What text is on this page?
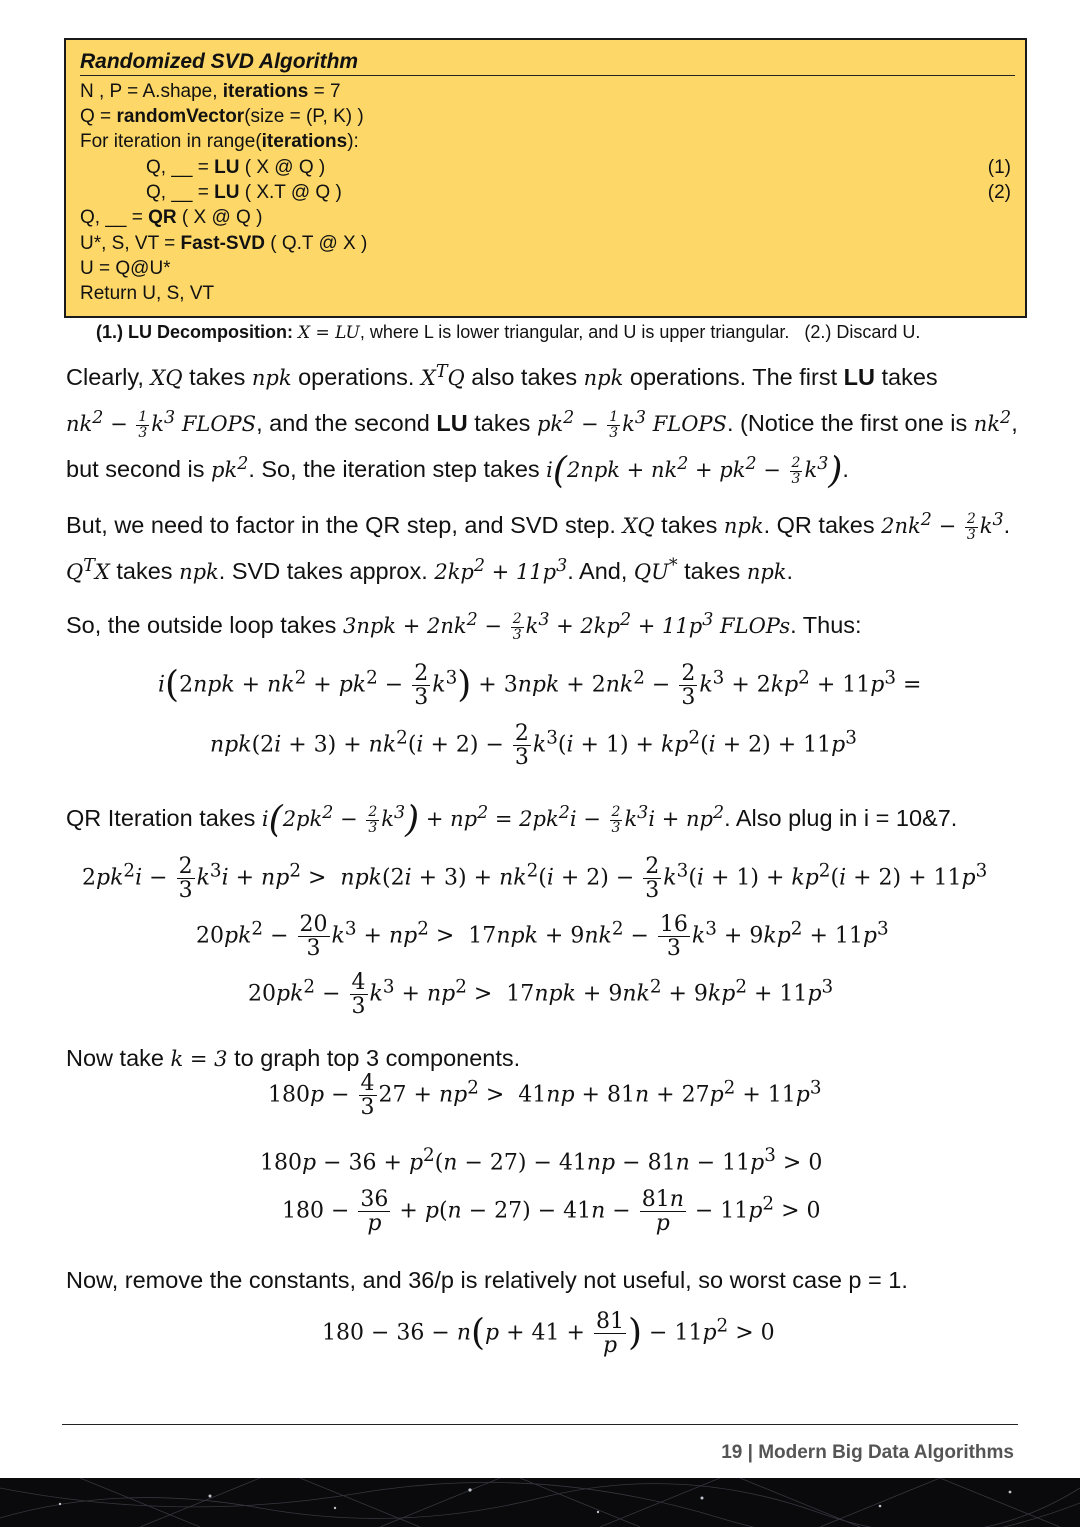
Randomized SVD Algorithm
N , P = A.shape, iterations = 7
Q = randomVector(size = (P, K) )
For iteration in range(iterations):
Q, __ = LU ( X @ Q )	(1)
Q, __ = LU ( X.T @ Q )	(2)
Q, __ = QR ( X @ Q )
U*, S, VT = Fast-SVD ( Q.T @ X )
U = Q@U*
Return U, S, VT
(1.) LU Decomposition: X = LU, where L is lower triangular, and U is upper triangular.   (2.) Discard U.
Clearly, XQ takes npk operations. $X^TQ$ also takes npk operations. The first LU takes $nk^2 - \frac{1}{3} k^3$ FLOPS, and the second LU takes $pk^2 - \frac{1}{3} k^3$ FLOPS. (Notice the first one is $nk^2$, but second is $pk^2$. So, the iteration step takes $i(2npk + nk^2 + pk^2 - \frac{2}{3} k^3)$.
But, we need to factor in the QR step, and SVD step. XQ takes npk. QR takes $2nk^2 - \frac{2}{3} k^3$. $Q^TX$ takes npk. SVD takes approx. $2kp^2 + 11p^3$. And, QU* takes npk.
So, the outside loop takes $3npk + 2nk^2 - \frac{2}{3} k^3 + 2kp^2 + 11p^3$ FLOPs. Thus:
$i(2npk + nk^2 + pk^2 - \frac{2}{3} k^3) + 3npk + 2nk^2 - \frac{2}{3} k^3 + 2kp^2 + 11p^3$ =
$npk(2i + 3) + nk^2(i + 2) - \frac{2}{3} k^3(i + 1) + kp^2(i + 2) + 11p^3$
QR Iteration takes $i(2pk^2 - \frac{2}{3} k^3) + np^2 = 2pk^2i - \frac{2}{3} k^3i + np^2$. Also plug in i = 10&7.
$2pk^2i - \frac{2}{3} k^3i + np^2 > npk(2i + 3) + nk^2(i + 2) - \frac{2}{3} k^3(i + 1) + kp^2(i + 2) + 11p^3$
$20pk^2 - \frac{20}{3} k^3 + np^2 > 17npk + 9nk^2 - \frac{16}{3} k^3 + 9kp^2 + 11p^3$
$20pk^2 - \frac{4}{3} k^3 + np^2 > 17npk + 9nk^2 + 9kp^2 + 11p^3$
Now take k = 3 to graph top 3 components.
$180p - \frac{4}{3} 27 + np^2 > 41np + 81n + 27p^2 + 11p^3$
$180p - 36 + p^2(n - 27) - 41np - 81n - 11p^3 > 0$
$180 - \frac{36}{p} + p(n - 27) - 41n - \frac{81n}{p} - 11p^2 > 0$
Now, remove the constants, and 36/p is relatively not useful, so worst case p = 1.
$180 - 36 - n(p + 41 + \frac{81}{p}$ ) − $11p^2 > 0$
19 | Modern Big Data Algorithms
